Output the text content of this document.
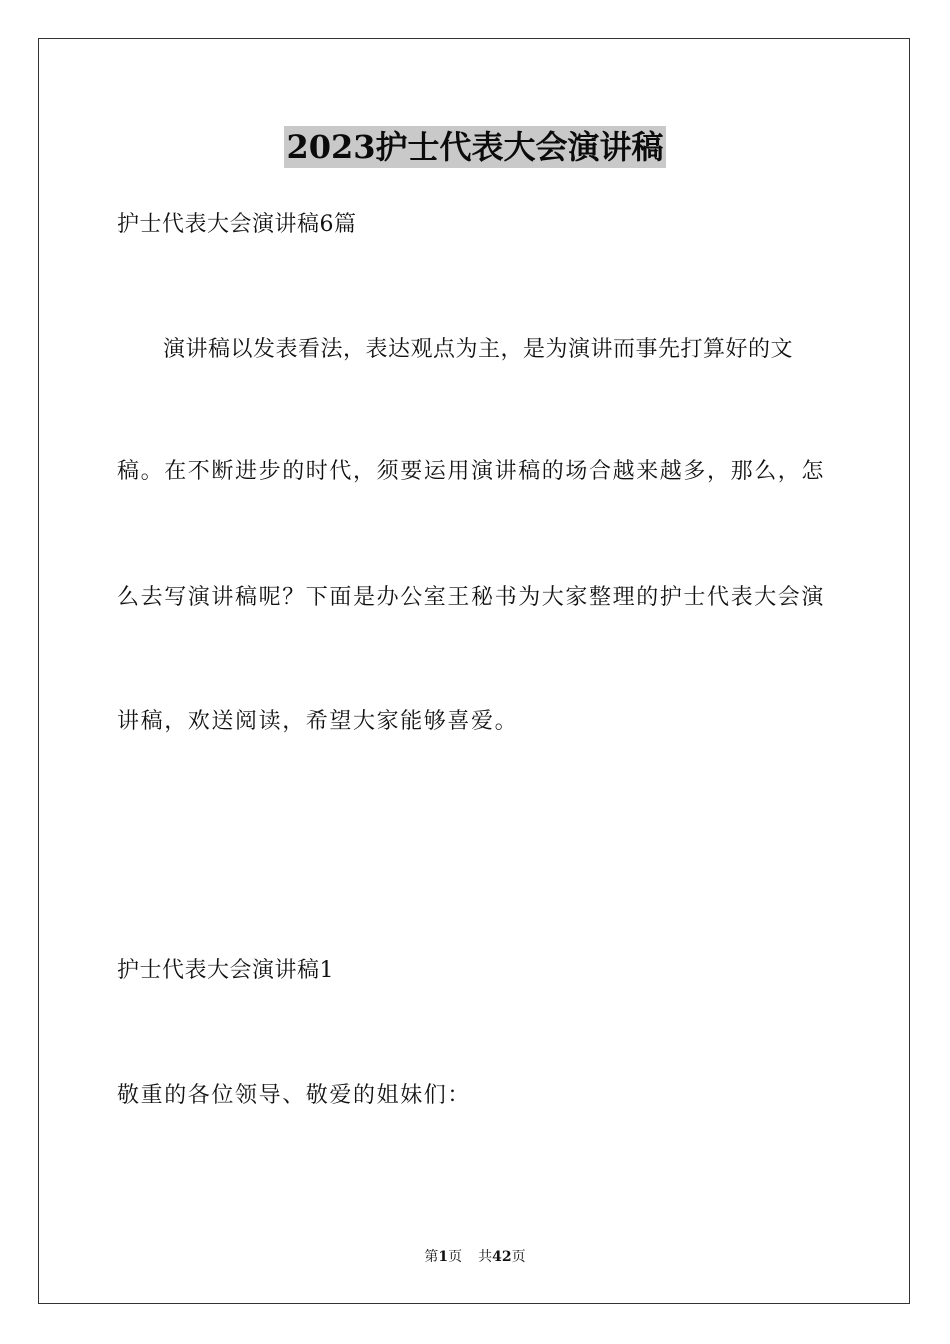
2023护士代表大会演讲稿
护士代表大会演讲稿6篇
演讲稿以发表看法，表达观点为主，是为演讲而事先打算好的文
稿。在不断进步的时代，须要运用演讲稿的场合越来越多，那么，怎
么去写演讲稿呢？下面是办公室王秘书为大家整理的护士代表大会演
讲稿，欢送阅读，希望大家能够喜爱。
护士代表大会演讲稿1
敬重的各位领导、敬爱的姐妹们：
第1页 共42页
